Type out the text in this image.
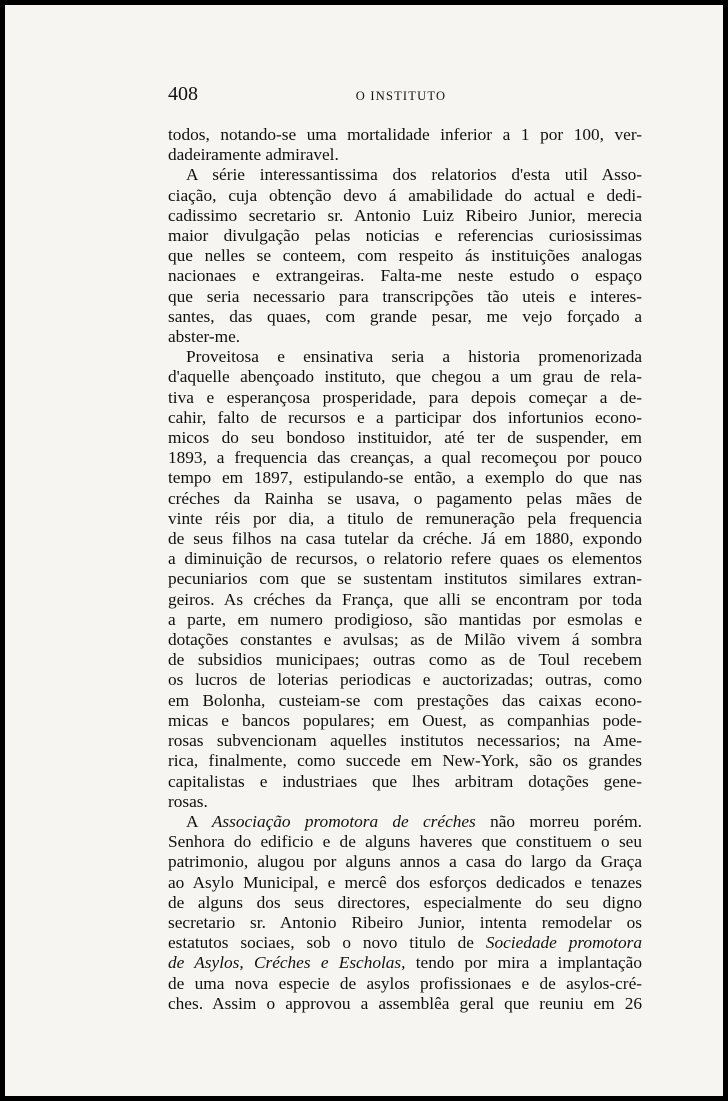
408	O INSTITUTO
todos, notando-se uma mortalidade inferior a 1 por 100, ver-
dadeiramente admiravel.
A série interessantissima dos relatorios d'esta util Asso-
ciação, cuja obtenção devo á amabilidade do actual e dedi-
cadissimo secretario sr. Antonio Luiz Ribeiro Junior, merecia
maior divulgação pelas noticias e referencias curiosissimas
que nelles se conteem, com respeito ás instituições analogas
nacionaes e extrangeiras. Falta-me neste estudo o espaço
que seria necessario para transcripções tão uteis e interes-
santes, das quaes, com grande pesar, me vejo forçado a
abster-me.
Proveitosa e ensinativa seria a historia promenorizada
d'aquelle abençoado instituto, que chegou a um grau de rela-
tiva e esperançosa prosperidade, para depois começar a de-
cahir, falto de recursos e a participar dos infortunios econo-
micos do seu bondoso instituidor, até ter de suspender, em
1893, a frequencia das creanças, a qual recomeçou por pouco
tempo em 1897, estipulando-se então, a exemplo do que nas
créches da Rainha se usava, o pagamento pelas mães de
vinte réis por dia, a titulo de remuneração pela frequencia
de seus filhos na casa tutelar da créche. Já em 1880, expondo
a diminuição de recursos, o relatorio refere quaes os elementos
pecuniarios com que se sustentam institutos similares extran-
geiros. As créches da França, que alli se encontram por toda
a parte, em numero prodigioso, são mantidas por esmolas e
dotações constantes e avulsas; as de Milão vivem á sombra
de subsidios municipaes; outras como as de Toul recebem
os lucros de loterias periodicas e auctorizadas; outras, como
em Bolonha, custeiam-se com prestações das caixas econo-
micas e bancos populares; em Ouest, as companhias pode-
rosas subvencionam aquelles institutos necessarios; na Ame-
rica, finalmente, como succede em New-York, são os grandes
capitalistas e industriaes que lhes arbitram dotações gene-
rosas.
A Associação promotora de créches não morreu porém.
Senhora do edificio e de alguns haveres que constituem o seu
patrimonio, alugou por alguns annos a casa do largo da Graça
ao Asylo Municipal, e mercê dos esforços dedicados e tenazes
de alguns dos seus directores, especialmente do seu digno
secretario sr. Antonio Ribeiro Junior, intenta remodelar os
estatutos sociaes, sob o novo titulo de Sociedade promotora
de Asylos, Créches e Escholas, tendo por mira a implantação
de uma nova especie de asylos profissionaes e de asylos-cré-
ches. Assim o approvou a assemblêa geral que reuniu em 26
